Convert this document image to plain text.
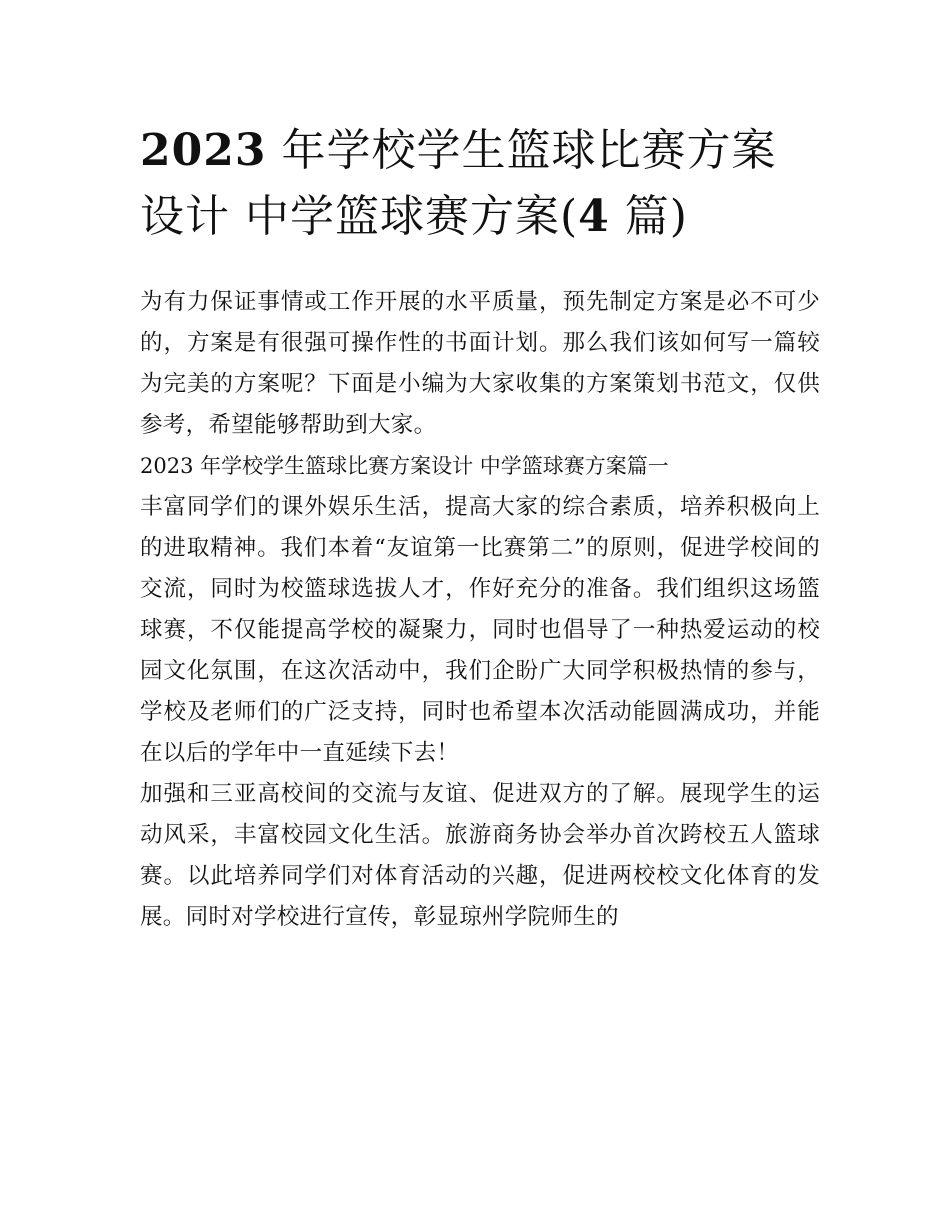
2023 年学校学生篮球比赛方案设计 中学篮球赛方案(4 篇)

为有力保证事情或工作开展的水平质量，预先制定方案是必不可少的，方案是有很强可操作性的书面计划。那么我们该如何写一篇较为完美的方案呢？下面是小编为大家收集的方案策划书范文，仅供参考，希望能够帮助到大家。

2023 年学校学生篮球比赛方案设计 中学篮球赛方案篇一

丰富同学们的课外娱乐生活，提高大家的综合素质，培养积极向上的进取精神。我们本着“友谊第一比赛第二”的原则，促进学校间的交流，同时为校篮球选拔人才，作好充分的准备。我们组织这场篮球赛，不仅能提高学校的凝聚力，同时也倡导了一种热爱运动的校园文化氛围，在这次活动中，我们企盼广大同学积极热情的参与，学校及老师们的广泛支持，同时也希望本次活动能圆满成功，并能在以后的学年中一直延续下去！

加强和三亚高校间的交流与友谊、促进双方的了解。展现学生的运动风采，丰富校园文化生活。旅游商务协会举办首次跨校五人篮球赛。以此培养同学们对体育活动的兴趣，促进两校校文化体育的发展。同时对学校进行宣传，彰显琼州学院师生的
